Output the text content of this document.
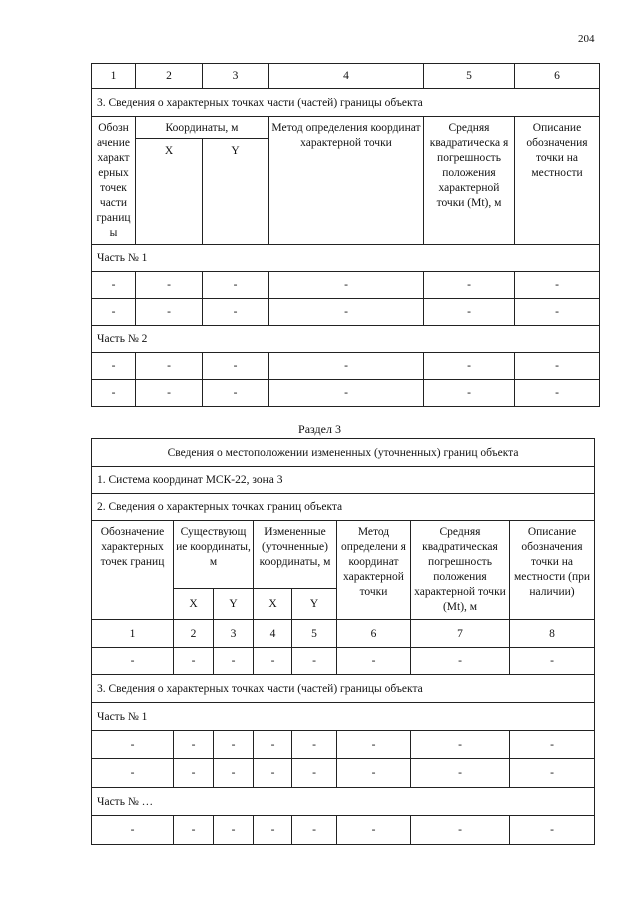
204
1	2	3	4	5	6
3. Сведения о характерных точках части (частей) границы объекта					
Обозн ачение характ ерных точек части границ ы	Координаты, м		Метод определения координат характерной точки	Средняя квадратическа я погрешность положения характерной точки (Mt), м	Описание обозначения точки на местности
	X	Y			
Часть № 1					
-	-	-	-	-	-
-	-	-	-	-	-
Часть № 2					
-	-	-	-	-	-
-	-	-	-	-	-
Раздел 3
Сведения о местоположении измененных (уточненных) границ объекта							
1. Система координат МСК-22, зона 3							
2. Сведения о характерных точках границ объекта							
Обозначение характерных точек границ	Существующ ие координаты, м		Измененные (уточненные) координаты, м		Метод определени я координат характерной точки	Средняя квадратическая погрешность положения характерной точки (Mt), м	Описание обозначения точки на местности (при наличии)
	X	Y	X	Y			
1	2	3	4	5	6	7	8
-	-	-	-	-	-	-	-
3. Сведения о характерных точках части (частей) границы объекта							
Часть № 1							
-	-	-	-	-	-	-	-
-	-	-	-	-	-	-	-
Часть № …							
-	-	-	-	-	-	-	-
